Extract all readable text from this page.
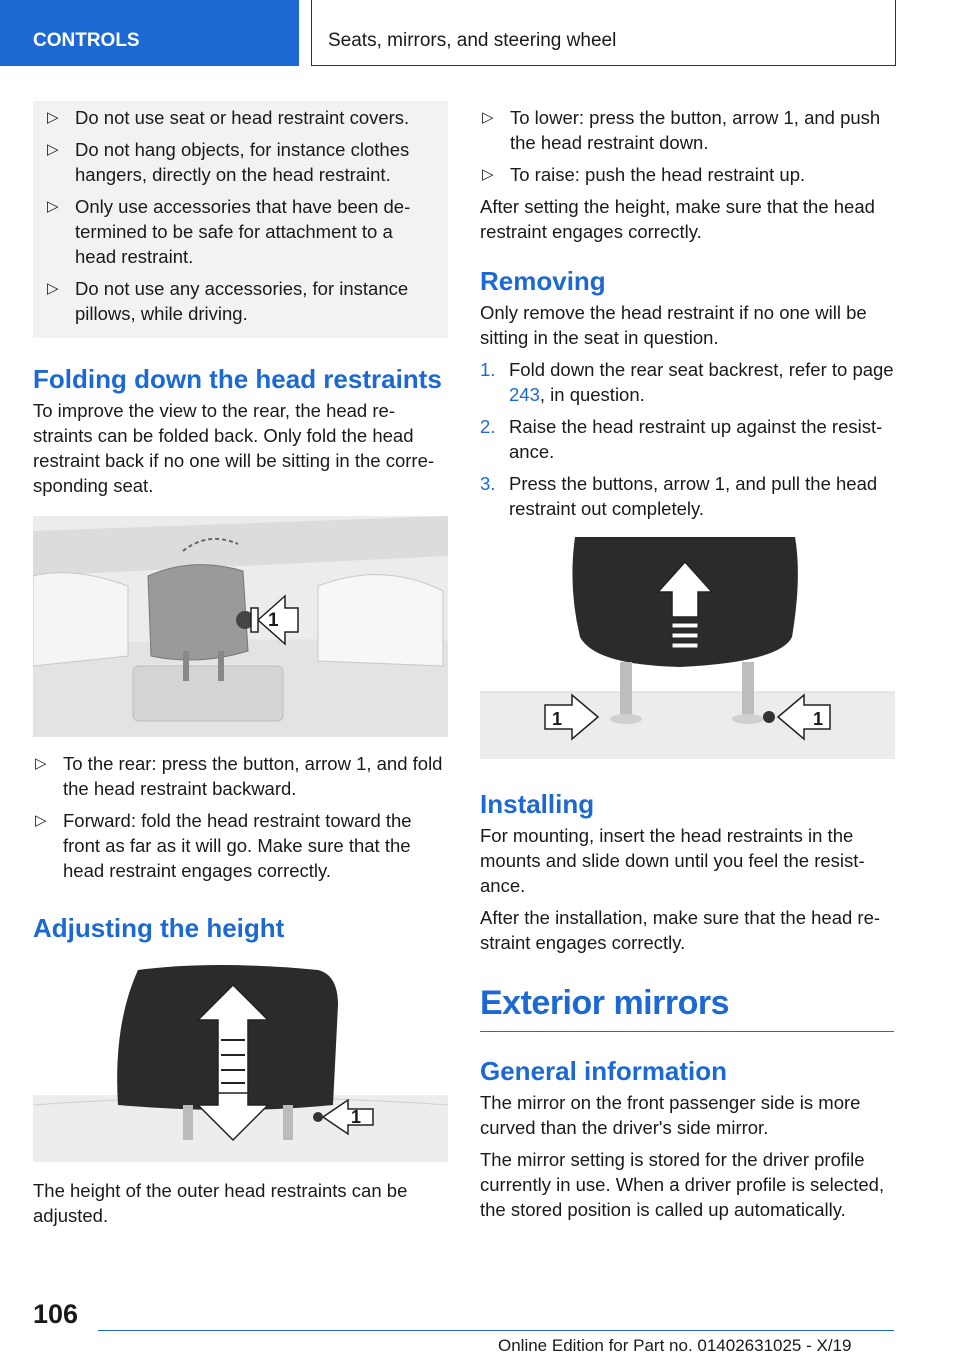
CONTROLS	Seats, mirrors, and steering wheel
▷ Do not use seat or head restraint covers.
▷ Do not hang objects, for instance clothes hangers, directly on the head restraint.
▷ Only use accessories that have been determined to be safe for attachment to a head restraint.
▷ Do not use any accessories, for instance pillows, while driving.
Folding down the head restraints

To improve the view to the rear, the head restraints can be folded back. Only fold the head restraint back if no one will be sitting in the corresponding seat.

1
▷ To the rear: press the button, arrow 1, and fold the head restraint backward.
▷ Forward: fold the head restraint toward the front as far as it will go. Make sure that the head restraint engages correctly.
Adjusting the height
1

The height of the outer head restraints can be adjusted.

▷ To lower: press the button, arrow 1, and push the head restraint down.
▷ To raise: push the head restraint up.

After setting the height, make sure that the head restraint engages correctly.

Removing

Only remove the head restraint if no one will be sitting in the seat in question.

1. Fold down the rear seat backrest, refer to page 243, in question.
2. Raise the head restraint up against the resistance.
3. Press the buttons, arrow 1, and pull the head restraint out completely.
1	1
Installing

For mounting, insert the head restraints in the mounts and slide down until you feel the resistance.

After the installation, make sure that the head restraint engages correctly.

Exterior mirrors
General information

The mirror on the front passenger side is more curved than the driver's side mirror.

The mirror setting is stored for the driver profile currently in use. When a driver profile is selected, the stored position is called up automatically.

106
Online Edition for Part no. 01402631025 - X/19
